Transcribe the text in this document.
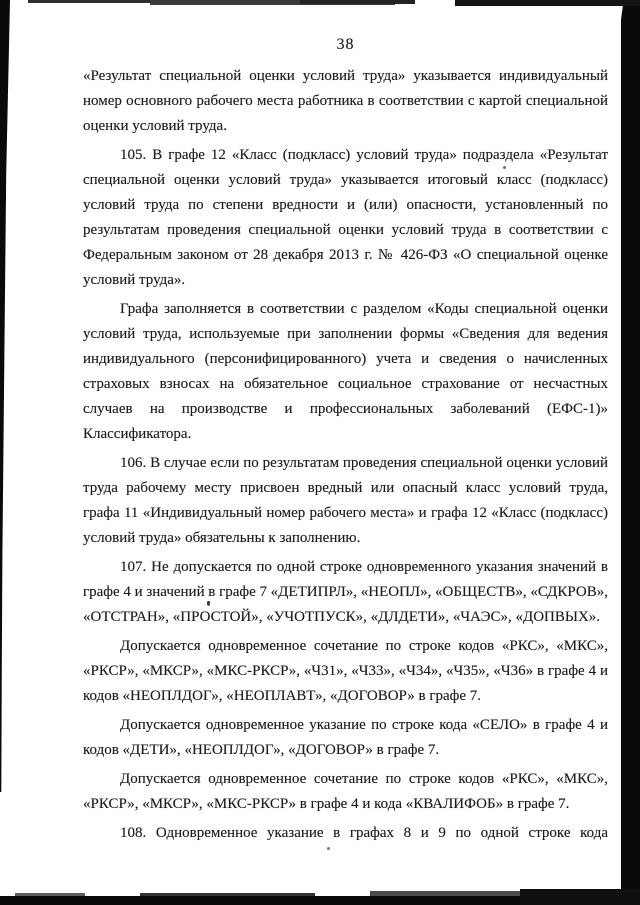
38
«Результат специальной оценки условий труда» указывается индивидуальный
номер основного рабочего места работника в соответствии с картой специальной
оценки условий труда.
105. В графе 12 «Класс (подкласс) условий труда» подраздела «Результат
специальной оценки условий труда» указывается итоговый класс (подкласс)
условий труда по степени вредности и (или) опасности, установленный по
результатам проведения специальной оценки условий труда в соответствии с
Федеральным законом от 28 декабря 2013 г. № 426-ФЗ «О специальной оценке
условий труда».
Графа заполняется в соответствии с разделом «Коды специальной оценки
условий труда, используемые при заполнении формы «Сведения для ведения
индивидуального (персонифицированного) учета и сведения о начисленных
страховых взносах на обязательное социальное страхование от несчастных
случаев на производстве и профессиональных заболеваний (ЕФС-1)»
Классификатора.
106. В случае если по результатам проведения специальной оценки условий
труда рабочему месту присвоен вредный или опасный класс условий труда,
графа 11 «Индивидуальный номер рабочего места» и графа 12 «Класс (подкласс)
условий труда» обязательны к заполнению.
107. Не допускается по одной строке одновременного указания значений в
графе 4 и значений в графе 7 «ДЕТИПРЛ», «НЕОПЛ», «ОБЩЕСТВ», «СДКРОВ»,
«ОТСТРАН», «ПРОСТОЙ», «УЧОТПУСК», «ДЛДЕТИ», «ЧАЭС», «ДОПВЫХ».
Допускается одновременное сочетание по строке кодов «РКС», «МКС»,
«РКСР», «МКСР», «МКС-РКСР», «Ч31», «Ч33», «Ч34», «Ч35», «Ч36» в графе 4 и
кодов «НЕОПЛДОГ», «НЕОПЛАВТ», «ДОГОВОР» в графе 7.
Допускается одновременное указание по строке кода «СЕЛО» в графе 4 и
кодов «ДЕТИ», «НЕОПЛДОГ», «ДОГОВОР» в графе 7.
Допускается одновременное сочетание по строке кодов «РКС», «МКС»,
«РКСР», «МКСР», «МКС-РКСР» в графе 4 и кода «КВАЛИФОБ» в графе 7.
108. Одновременное указание в графах 8 и 9 по одной строке кода
